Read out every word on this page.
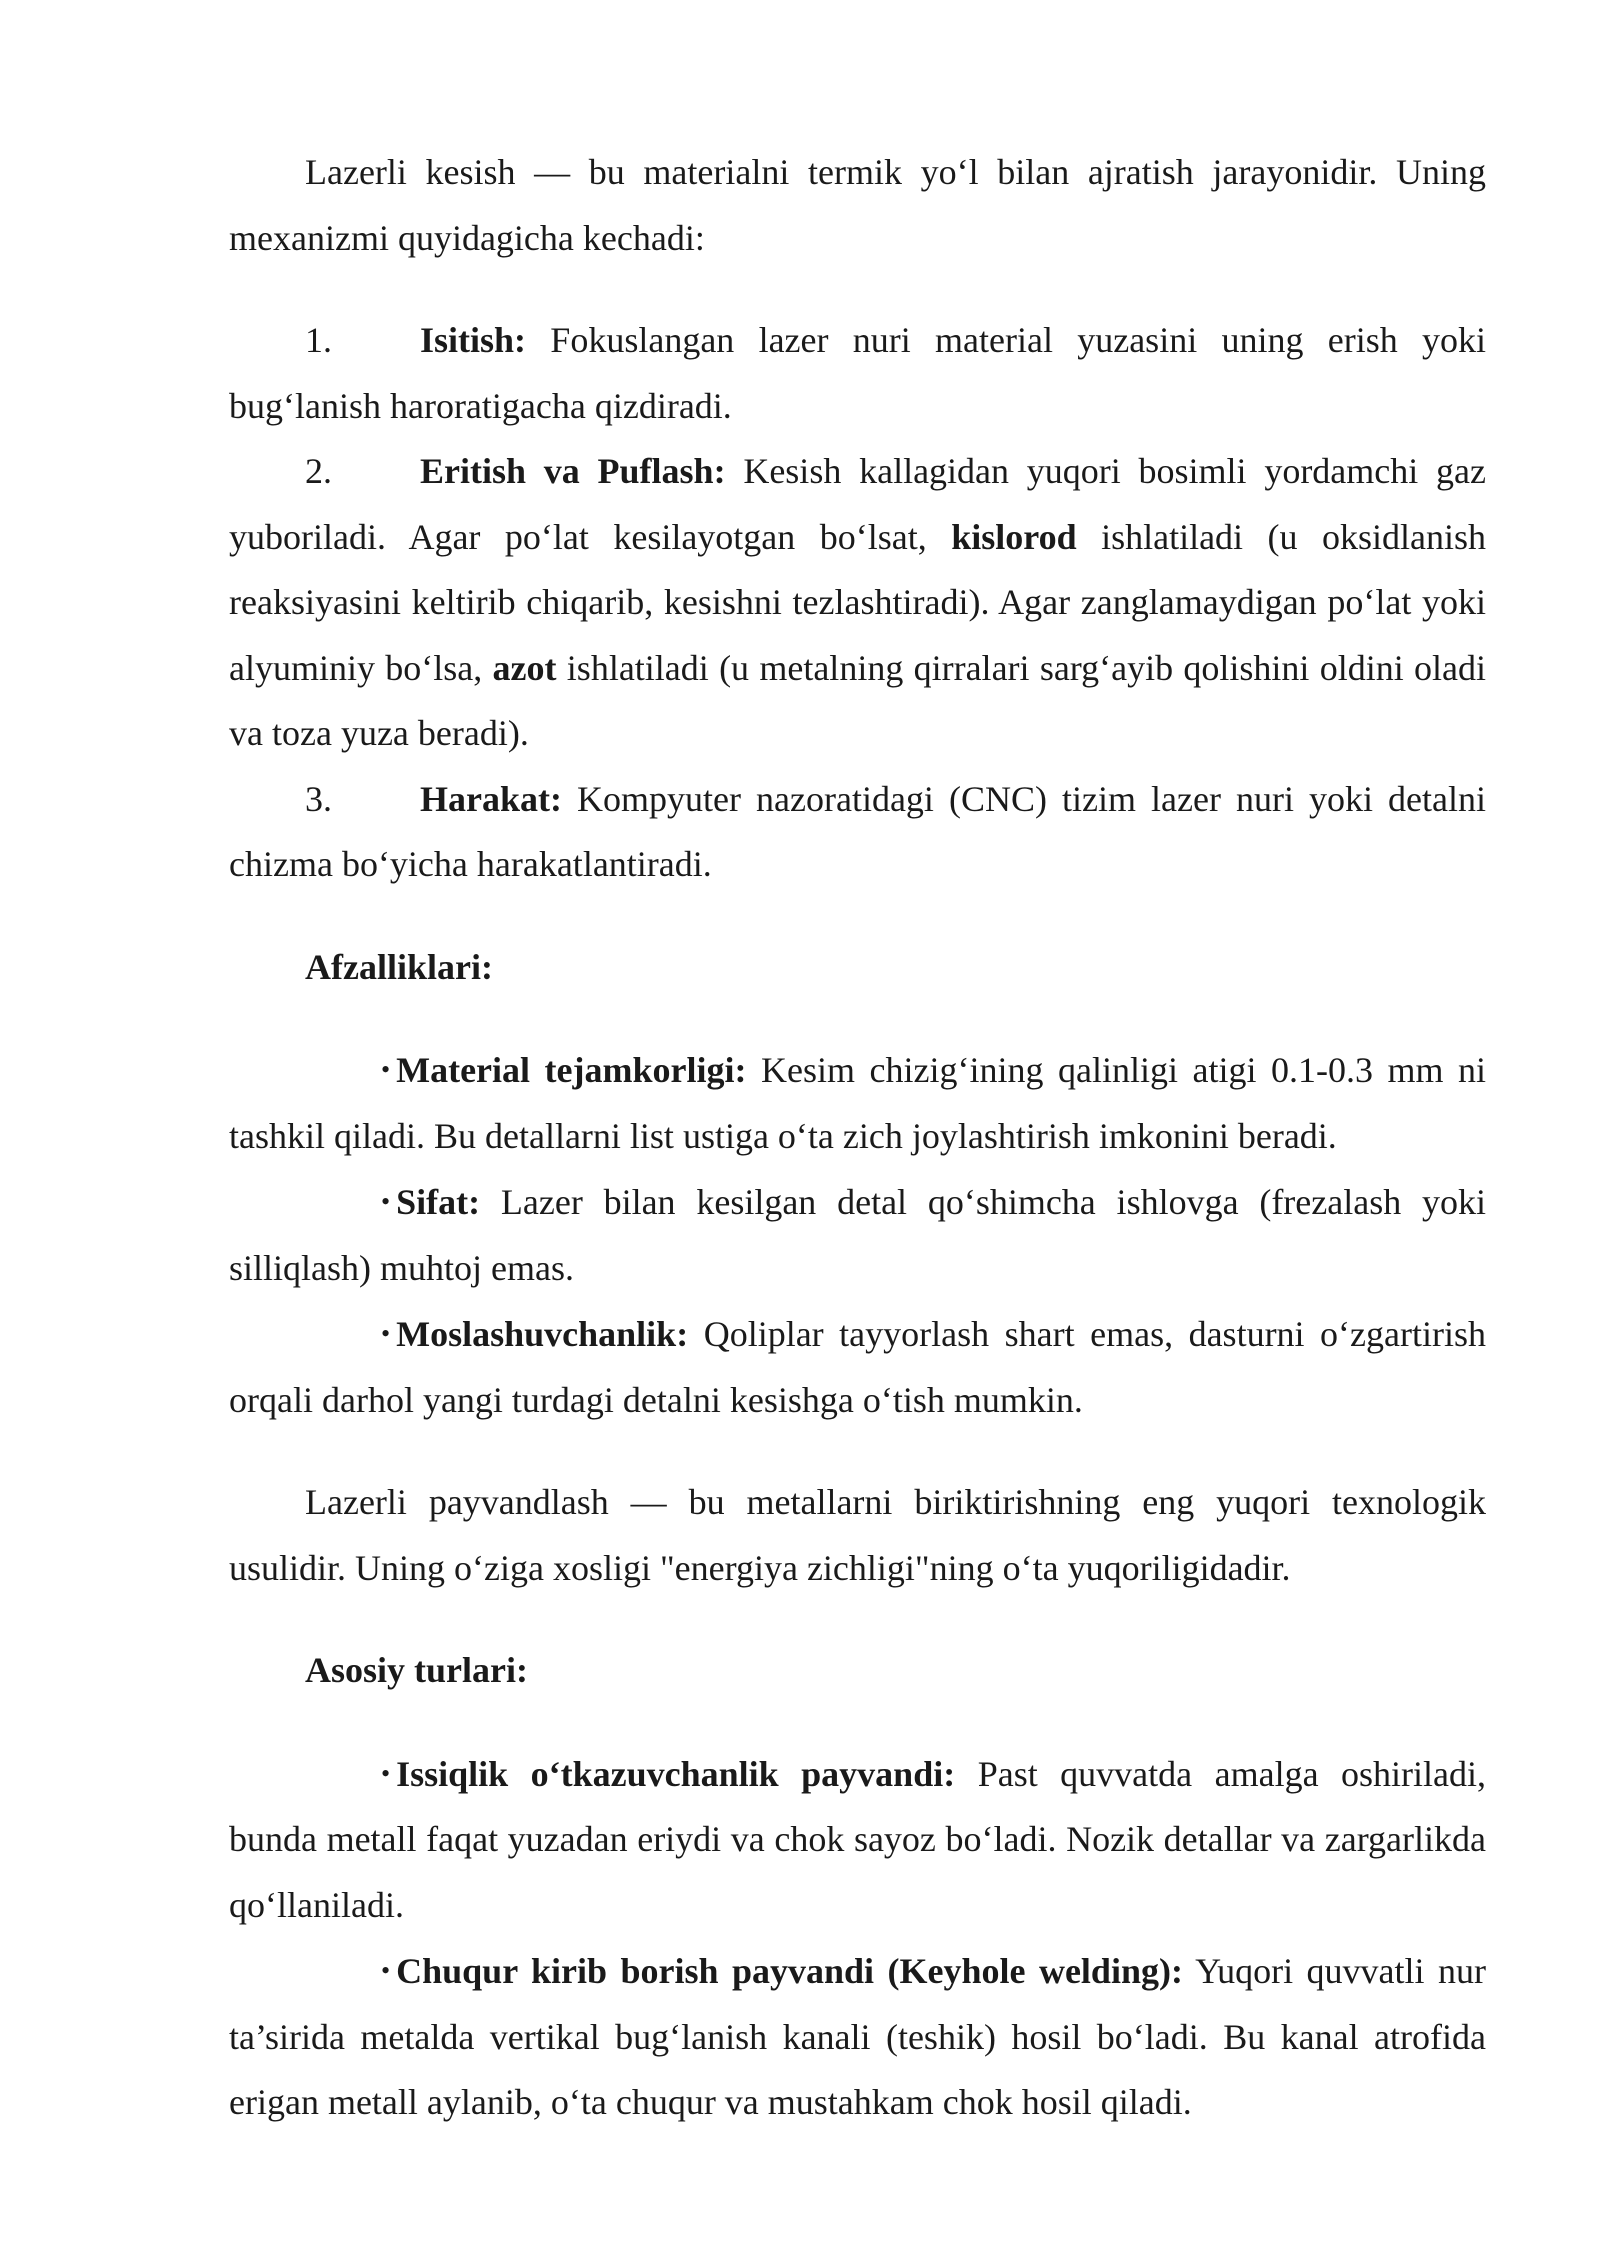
Lazerli kesish — bu materialni termik yo‘l bilan ajratish jarayonidir. Uning mexanizmi quyidagicha kechadi:

1. Isitish: Fokuslangan lazer nuri material yuzasini uning erish yoki bug‘lanish haroratigacha qizdiradi.

2. Eritish va Puflash: Kesish kallagidan yuqori bosimli yordamchi gaz yuboriladi. Agar po‘lat kesilayotgan bo‘lsat, kislorod ishlatiladi (u oksidlanish reaksiyasini keltirib chiqarib, kesishni tezlashtiradi). Agar zanglamaydigan po‘lat yoki alyuminiy bo‘lsa, azot ishlatiladi (u metalning qirralari sarg‘ayib qolishini oldini oladi va toza yuza beradi).

3. Harakat: Kompyuter nazoratidagi (CNC) tizim lazer nuri yoki detalni chizma bo‘yicha harakatlantiradi.

Afzalliklari:

• Material tejamkorligi: Kesim chizig‘ining qalinligi atigi 0.1-0.3 mm ni tashkil qiladi. Bu detallarni list ustiga o‘ta zich joylashtirish imkonini beradi.

• Sifat: Lazer bilan kesilgan detal qo‘shimcha ishlovga (frezalash yoki silliqlash) muhtoj emas.

• Moslashuvchanlik: Qoliplar tayyorlash shart emas, dasturni o‘zgartirish orqali darhol yangi turdagi detalni kesishga o‘tish mumkin.

Lazerli payvandlash — bu metallarni biriktirishning eng yuqori texnologik usulidir. Uning o‘ziga xosligi "energiya zichligi"ning o‘ta yuqoriligidadir.

Asosiy turlari:

• Issiqlik o‘tkazuvchanlik payvandi: Past quvvatda amalga oshiriladi, bunda metall faqat yuzadan eriydi va chok sayoz bo‘ladi. Nozik detallar va zargarlikda qo‘llaniladi.

• Chuqur kirib borish payvandi (Keyhole welding): Yuqori quvvatli nur ta’sirida metalda vertikal bug‘lanish kanali (teshik) hosil bo‘ladi. Bu kanal atrofida erigan metall aylanib, o‘ta chuqur va mustahkam chok hosil qiladi.
